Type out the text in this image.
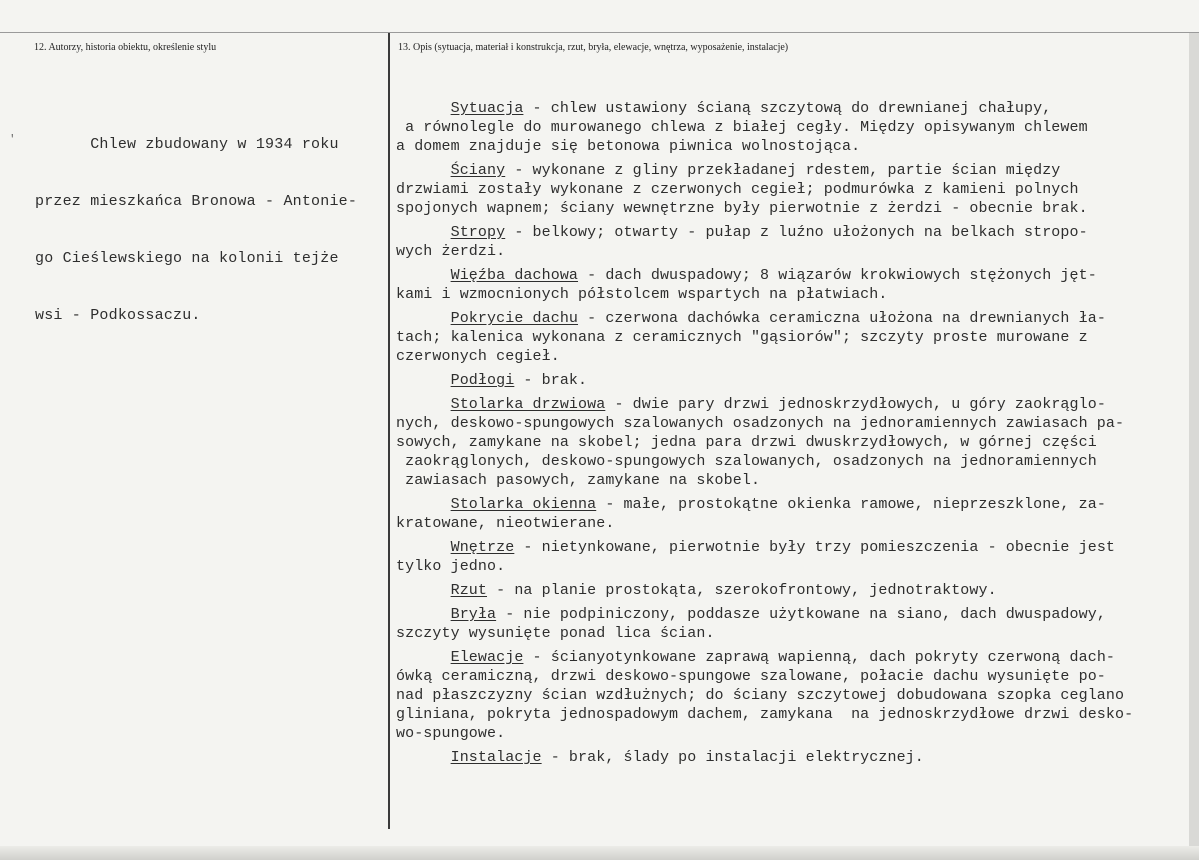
12. Autorzy, historia obiektu, określenie stylu	13. Opis (sytuacja, materiał i konstrukcja, rzut, bryła, elewacje, wnętrza, wyposażenie, instalacje)
'

Chlew zbudowany w 1934 roku

przez mieszkańca Bronowa - Antonie-

go Cieślewskiego na kolonii tejże

wsi - Podkossaczu.

Sytuacja - chlew ustawiony ścianą szczytową do drewnianej chałupy,
a równolegle do murowanego chlewa z białej cegły. Między opisywanym chlewem
a domem znajduje się betonowa piwnica wolnostojąca.
Ściany - wykonane z gliny przekładanej rdestem, partie ścian między
drzwiami zostały wykonane z czerwonych cegieł; podmurówka z kamieni polnych
spojonych wapnem; ściany wewnętrzne były pierwotnie z żerdzi - obecnie brak.
Stropy - belkowy; otwarty - pułap z luźno ułożonych na belkach stropo-
wych żerdzi.
Więźba dachowa - dach dwuspadowy; 8 wiązarów krokwiowych stężonych jęt-
kami i wzmocnionych półstolcem wspartych na płatwiach.
Pokrycie dachu - czerwona dachówka ceramiczna ułożona na drewnianych ła-
tach; kalenica wykonana z ceramicznych "gąsiorów"; szczyty proste murowane z
czerwonych cegieł.
Podłogi - brak.
Stolarka drzwiowa - dwie pary drzwi jednoskrzydłowych, u góry zaokrąglo-
nych, deskowo-spungowych szalowanych osadzonych na jednoramiennych zawiasach pa-
sowych, zamykane na skobel; jedna para drzwi dwuskrzydłowych, w górnej części
zaokrąglonych, deskowo-spungowych szalowanych, osadzonych na jednoramiennych
zawiasach pasowych, zamykane na skobel.
Stolarka okienna - małe, prostokątne okienka ramowe, nieprzeszklone, za-
kratowane, nieotwierane.
Wnętrze - nietynkowane, pierwotnie były trzy pomieszczenia - obecnie jest
tylko jedno.
Rzut - na planie prostokąta, szerokofrontowy, jednotraktowy.
Bryła - nie podpiniczony, poddasze użytkowane na siano, dach dwuspadowy,
szczyty wysunięte ponad lica ścian.
Elewacje - ścianyotynkowane zaprawą wapienną, dach pokryty czerwoną dach-
ówką ceramiczną, drzwi deskowo-spungowe szalowane, połacie dachu wysunięte po-
nad płaszczyzny ścian wzdłużnych; do ściany szczytowej dobudowana szopka ceglano
gliniana, pokryta jednospadowym dachem, zamykana  na jednoskrzydłowe drzwi desko-
wo-spungowe.
Instalacje - brak, ślady po instalacji elektrycznej.
